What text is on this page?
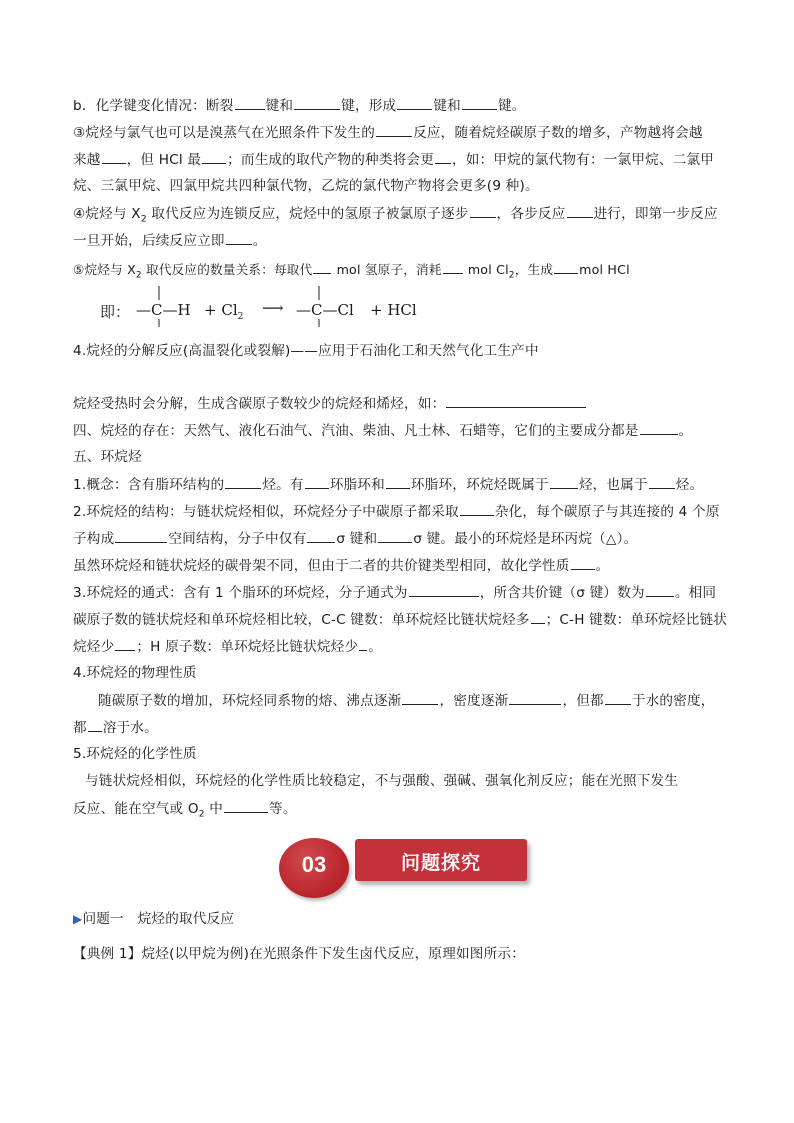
b．化学键变化情况：断裂 键和	键，形成	键和	键。
③烷烃与氯气也可以是溴蒸气在光照条件下发生的	反应，随着烷烃碳原子数的增多，产物越将会越
来越 ，但 HCl 最 ；而生成的取代产物的种类将会更 ，如：甲烷的氯代物有：一氯甲烷、二氯甲
烷、三氯甲烷、四氯甲烷共四种氯代物，乙烷的氯代物产物将会更多(9 种)。
④烷烃与 $X_2$ 取代反应为连锁反应，烷烃中的氢原子被氯原子逐步 ，各步反应 进行，即第一步反应
一旦开始，后续反应立即 。
⑤烷烃与 $X_2$ 取代反应的数量关系：每取代 mol 氢原子，消耗 mol $Cl_2$，生成 mol HCl
即： —C—H + $Cl_2$ ⟶ —C—Cl + HCl
4.烷烃的分解反应(高温裂化或裂解)——应用于石油化工和天然气化工生产中
烷烃受热时会分解，生成含碳原子数较少的烷烃和烯烃，如：
四、烷烃的存在：天然气、液化石油气、汽油、柴油、凡士林、石蜡等，它们的主要成分都是	。
五、环烷烃
1.概念：含有脂环结构的	烃。有 环脂环和 环脂环，环烷烃既属于 烃，也属于 烃。
2.环烷烃的结构：与链状烷烃相似，环烷烃分子中碳原子都采取	杂化，每个碳原子与其连接的 4 个原
子构成	空间结构，分子中仅有 σ 键和	σ 键。最小的环烷烃是环丙烷（△）。
虽然环烷烃和链状烷烃的碳骨架不同，但由于二者的共价键类型相同，故化学性质 。
3.环烷烃的通式：含有 1 个脂环的环烷烃，分子通式为	，所含共价键（σ 键）数为 。相同
碳原子数的链状烷烃和单环烷烃相比较，C-C 键数：单环烷烃比链状烷烃多 ；C-H 键数：单环烷烃比链状
烷烃少 ；H 原子数：单环烷烃比链状烷烃少 。
4.环烷烃的物理性质
随碳原子数的增加，环烷烃同系物的熔、沸点逐渐	，密度逐渐	，但都 于水的密度，
都 溶于水。
5.环烷烃的化学性质
与链状烷烃相似，环烷烃的化学性质比较稳定，不与强酸、强碱、强氧化剂反应；能在光照下发生
反应、能在空气或 $O_2$ 中	等。
03	问题探究
▶问题一　烷烃的取代反应
【典例 1】烷烃(以甲烷为例)在光照条件下发生卤代反应，原理如图所示：
